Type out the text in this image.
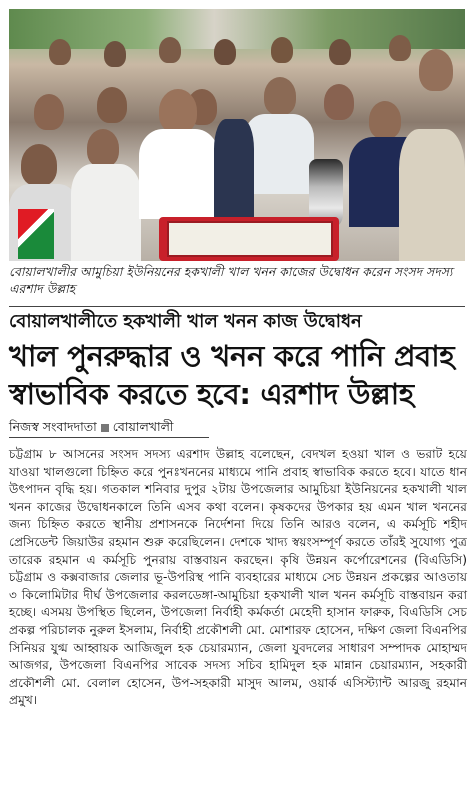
বোয়ালখালীর আমুচিয়া ইউনিয়নের হকখালী খাল খনন কাজের উদ্বোধন করেন সংসদ সদস্য এরশাদ উল্লাহ
বোয়ালখালীতে হকখালী খাল খনন কাজ উদ্বোধন
খাল পুনরুদ্ধার ও খনন করে পানি প্রবাহ স্বাভাবিক করতে হবে: এরশাদ উল্লাহ
নিজস্ব সংবাদদাতা বোয়ালখালী
চট্টগ্রাম ৮ আসনের সংসদ সদস্য এরশাদ উল্লাহ বলেছেন, বেদখল হওয়া খাল ও ভরাট হয়ে যাওয়া খালগুলো চিহ্নিত করে পুনঃখননের মাধ্যমে পানি প্রবাহ স্বাভাবিক করতে হবে। যাতে ধান উৎপাদন বৃদ্ধি হয়। গতকাল শনিবার দুপুর ২টায় উপজেলার আমুচিয়া ইউনিয়নের হকখালী খাল খনন কাজের উদ্বোধনকালে তিনি এসব কথা বলেন। কৃষকদের উপকার হয় এমন খাল খননের জন্য চিহ্নিত করতে স্থানীয় প্রশাসনকে নির্দেশনা দিয়ে তিনি আরও বলেন, এ কর্মসূচি শহীদ প্রেসিডেন্ট জিয়াউর রহমান শুরু করেছিলেন। দেশকে খাদ্য স্বয়ংসম্পূর্ণ করতে তাঁরই সুযোগ্য পুত্র তারেক রহমান এ কর্মসূচি পুনরায় বাস্তবায়ন করছেন। কৃষি উন্নয়ন কর্পোরেশনের (বিএডিসি) চট্টগ্রাম ও কক্সবাজার জেলার ভূ-উপরিস্থ পানি ব্যবহারের মাধ্যমে সেচ উন্নয়ন প্রকল্পের আওতায় ৩ কিলোমিটার দীর্ঘ উপজেলার করলডেঙ্গা-আমুচিয়া হকখালী খাল খনন কর্মসূচি বাস্তবায়ন করা হচ্ছে। এসময় উপস্থিত ছিলেন, উপজেলা নির্বাহী কর্মকর্তা মেহেদী হাসান ফারুক, বিএডিসি সেচ প্রকল্প পরিচালক নুরুল ইসলাম, নির্বাহী প্রকৌশলী মো. মোশারফ হোসেন, দক্ষিণ জেলা বিএনপির সিনিয়র যুগ্ম আহ্বায়ক আজিজুল হক চেয়ারম্যান, জেলা যুবদলের সাধারণ সম্পাদক মোহাম্মদ আজগর, উপজেলা বিএনপির সাবেক সদস্য সচিব হামিদুল হক মান্নান চেয়ারম্যান, সহকারী প্রকৌশলী মো. বেলাল হোসেন, উপ-সহকারী মাসুদ আলম, ওয়ার্ক এসিস্ট্যান্ট আরজু রহমান প্রমুখ।
